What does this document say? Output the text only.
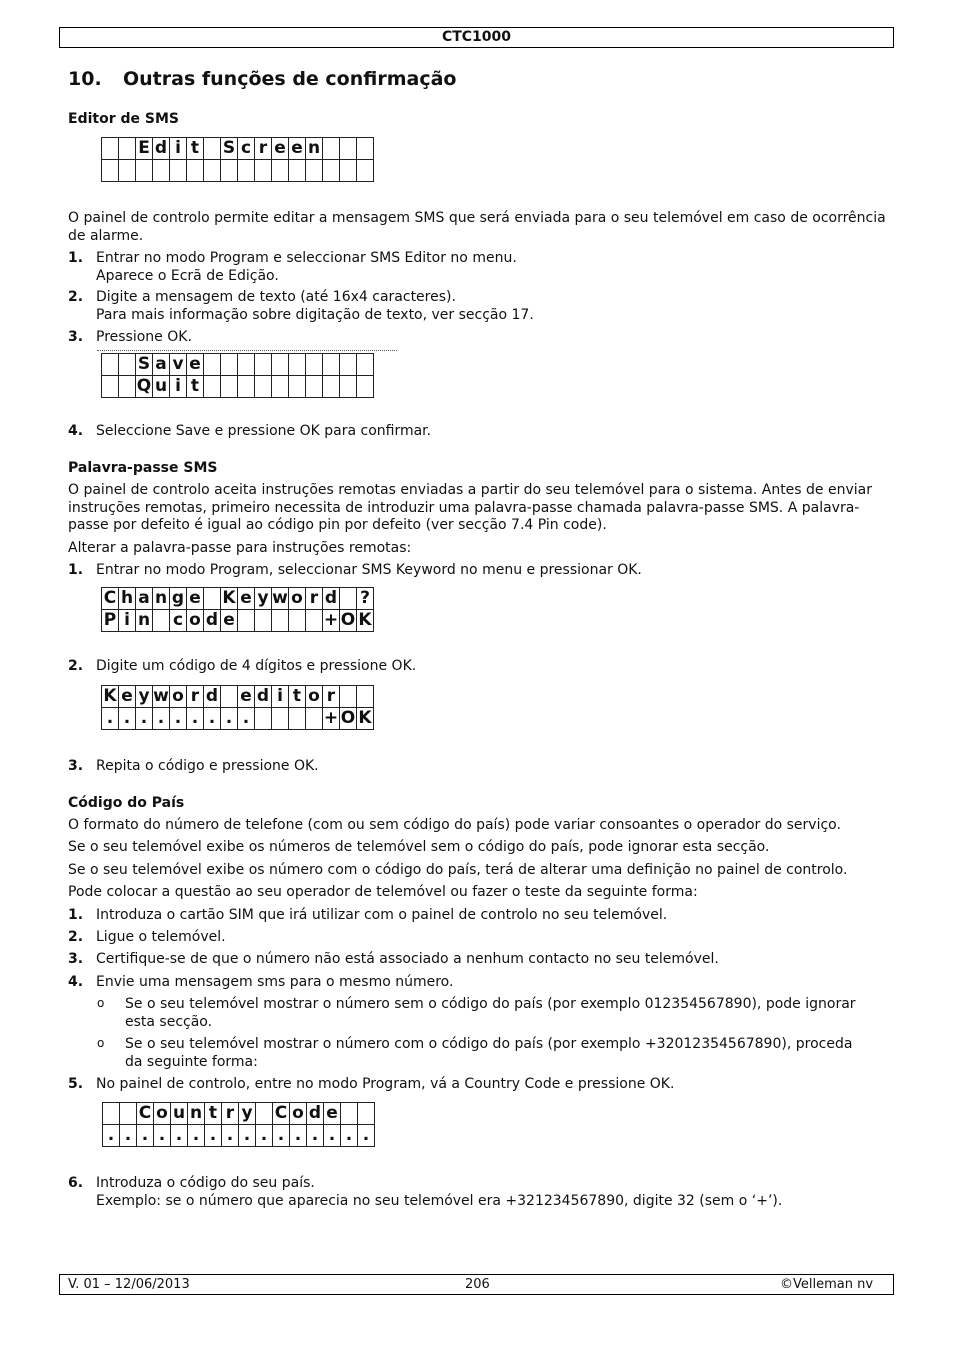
CTC1000
10. Outras funções de confirmação
Editor de SMS
		E	d	i	t		S	c	r	e	e	n			

O painel de controlo permite editar a mensagem SMS que será enviada para o seu telemóvel em caso de ocorrência de alarme.
1. Entrar no modo Program e seleccionar SMS Editor no menu.
Aparece o Ecrã de Edição.
2. Digite a mensagem de texto (até 16x4 caracteres).
Para mais informação sobre digitação de texto, ver secção 17.
3. Pressione OK.
		S	a	v	e										
		Q	u	i	t										
4. Seleccione Save e pressione OK para confirmar.
Palavra-passe SMS
O painel de controlo aceita instruções remotas enviadas a partir do seu telemóvel para o sistema. Antes de enviar instruções remotas, primeiro necessita de introduzir uma palavra-passe chamada palavra-passe SMS. A palavra-passe por defeito é igual ao código pin por defeito (ver secção 7.4 Pin code).
Alterar a palavra-passe para instruções remotas:
1. Entrar no modo Program, seleccionar SMS Keyword no menu e pressionar OK.
C	h	a	n	g	e		K	e	y	w	o	r	d		?
P	i	n		c	o	d	e						+	O	K
2. Digite um código de 4 dígitos e pressione OK.
K	e	y	w	o	r	d		e	d	i	t	o	r		
.	.	.	.	.	.	.	.	.					+	O	K
3. Repita o código e pressione OK.
Código do País
O formato do número de telefone (com ou sem código do país) pode variar consoantes o operador do serviço.
Se o seu telemóvel exibe os números de telemóvel sem o código do país, pode ignorar esta secção.
Se o seu telemóvel exibe os número com o código do país, terá de alterar uma definição no painel de controlo.
Pode colocar a questão ao seu operador de telemóvel ou fazer o teste da seguinte forma:
1. Introduza o cartão SIM que irá utilizar com o painel de controlo no seu telemóvel.
2. Ligue o telemóvel.
3. Certifique-se de que o número não está associado a nenhum contacto no seu telemóvel.
4. Envie uma mensagem sms para o mesmo número.
o Se o seu telemóvel mostrar o número sem o código do país (por exemplo 012354567890), pode ignorar
esta secção.
o Se o seu telemóvel mostrar o número com o código do país (por exemplo +32012354567890), proceda
da seguinte forma:
5. No painel de controlo, entre no modo Program, vá a Country Code e pressione OK.
		C	o	u	n	t	r	y		C	o	d	e		
.	.	.	.	.	.	.	.	.	.	.	.	.	.	.	.
6. Introduza o código do seu país.
Exemplo: se o número que aparecia no seu telemóvel era +321234567890, digite 32 (sem o ‘+’).
V. 01 – 12/06/2013	206	©Velleman nv
